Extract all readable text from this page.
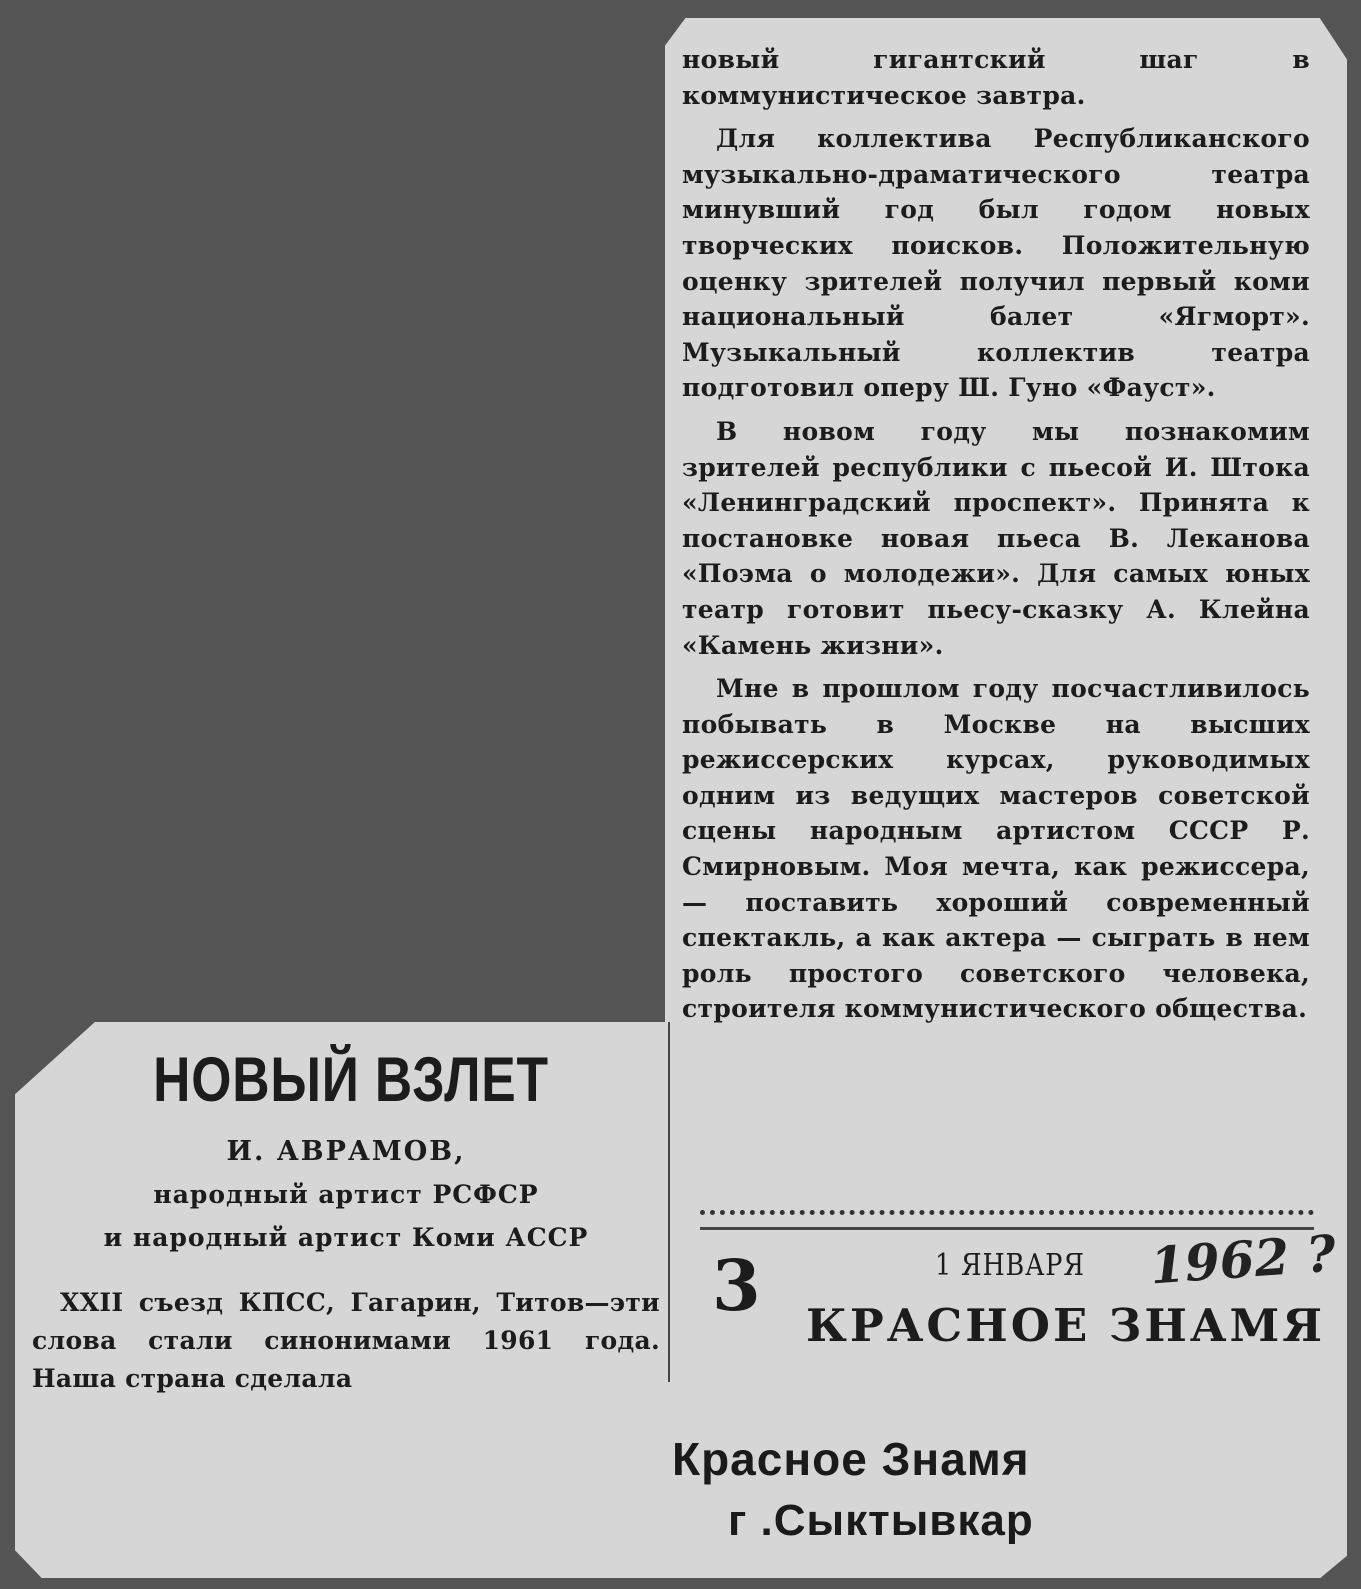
новый гигантский шаг в коммунистическое завтра.

Для коллектива Республиканского музыкально-драматического театра минувший год был годом новых творческих поисков. Положительную оценку зрителей получил первый коми национальный балет «Ягморт». Музыкальный коллектив театра подготовил оперу Ш. Гуно «Фауст».

В новом году мы познакомим зрителей республики с пьесой И. Штока «Ленинградский проспект». Принята к постановке новая пьеса В. Леканова «Поэма о молодежи». Для самых юных театр готовит пьесу-сказку А. Клейна «Камень жизни».

Мне в прошлом году посчастливилось побывать в Москве на высших режиссерских курсах, руководимых одним из ведущих мастеров советской сцены народным артистом СССР Р. Смирновым. Моя мечта, как режиссера,— поставить хороший современный спектакль, а как актера — сыграть в нем роль простого советского человека, строителя коммунистического общества.

НОВЫЙ ВЗЛЕТ
И. АВРАМОВ,
народный артист РСФСР
и народный артист Коми АССР

XXII съезд КПСС, Гагарин, Титов—эти слова стали синонимами 1961 года. Наша страна сделала

3	1 ЯНВАРЯ 1962 ?
КРАСНОЕ ЗНАМЯ
Красное Знамя
г .Сыктывкар
